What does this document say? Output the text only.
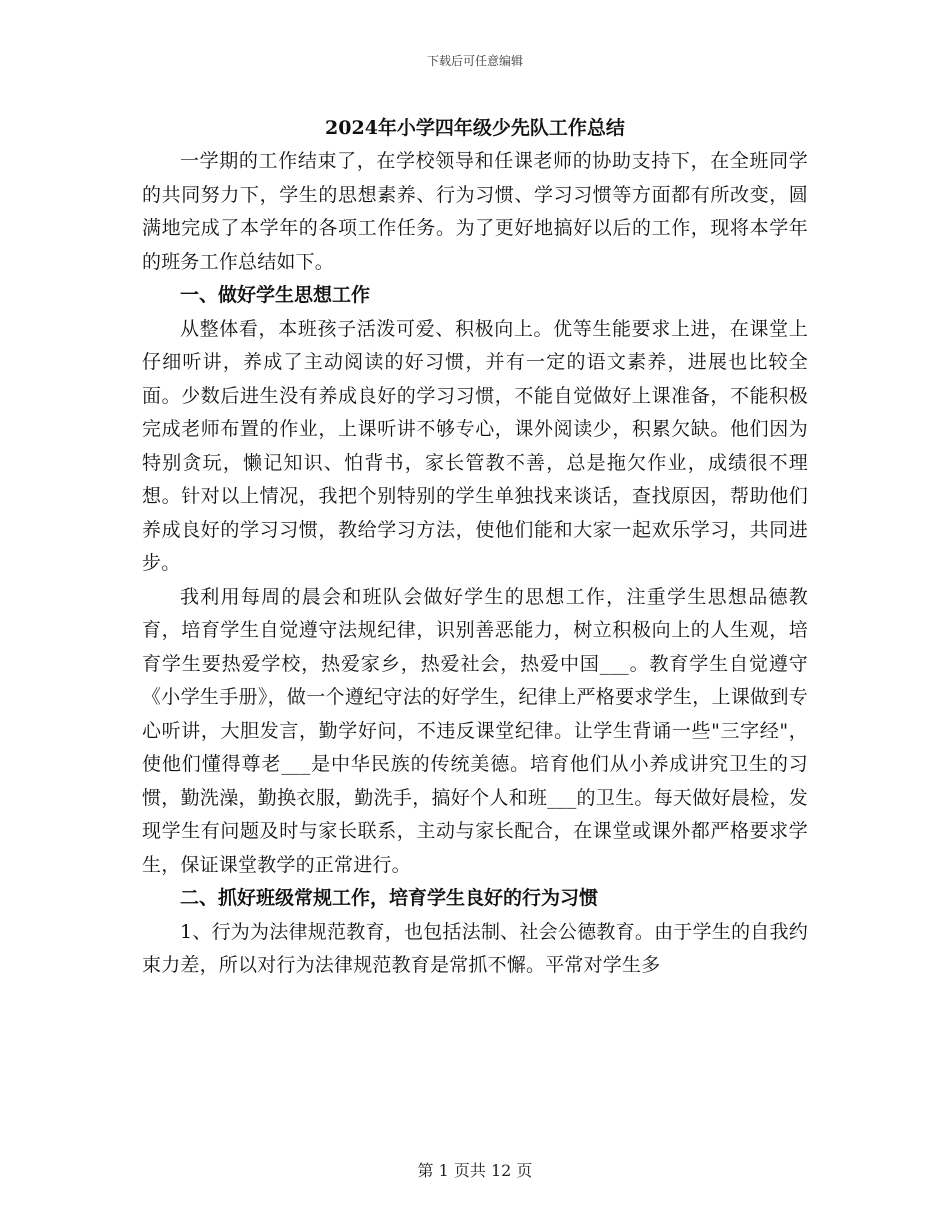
下载后可任意编辑
2024年小学四年级少先队工作总结

一学期的工作结束了，在学校领导和任课老师的协助支持下，在全班同学的共同努力下，学生的思想素养、行为习惯、学习习惯等方面都有所改变，圆满地完成了本学年的各项工作任务。为了更好地搞好以后的工作，现将本学年的班务工作总结如下。

一、做好学生思想工作

从整体看，本班孩子活泼可爱、积极向上。优等生能要求上进，在课堂上仔细听讲，养成了主动阅读的好习惯，并有一定的语文素养，进展也比较全面。少数后进生没有养成良好的学习习惯，不能自觉做好上课准备，不能积极完成老师布置的作业，上课听讲不够专心，课外阅读少，积累欠缺。他们因为特别贪玩，懒记知识、怕背书，家长管教不善，总是拖欠作业，成绩很不理想。针对以上情况，我把个别特别的学生单独找来谈话，查找原因，帮助他们养成良好的学习习惯，教给学习方法，使他们能和大家一起欢乐学习，共同进步。

我利用每周的晨会和班队会做好学生的思想工作，注重学生思想品德教育，培育学生自觉遵守法规纪律，识别善恶能力，树立积极向上的人生观，培育学生要热爱学校，热爱家乡，热爱社会，热爱中国___。教育学生自觉遵守《小学生手册》，做一个遵纪守法的好学生，纪律上严格要求学生，上课做到专心听讲，大胆发言，勤学好问，不违反课堂纪律。让学生背诵一些"三字经"，使他们懂得尊老___是中华民族的传统美德。培育他们从小养成讲究卫生的习惯，勤洗澡，勤换衣服，勤洗手，搞好个人和班___的卫生。每天做好晨检，发现学生有问题及时与家长联系，主动与家长配合，在课堂或课外都严格要求学生，保证课堂教学的正常进行。

二、抓好班级常规工作，培育学生良好的行为习惯

1、行为为法律规范教育，也包括法制、社会公德教育。由于学生的自我约束力差，所以对行为法律规范教育是常抓不懈。平常对学生多

第 1 页共 12 页
